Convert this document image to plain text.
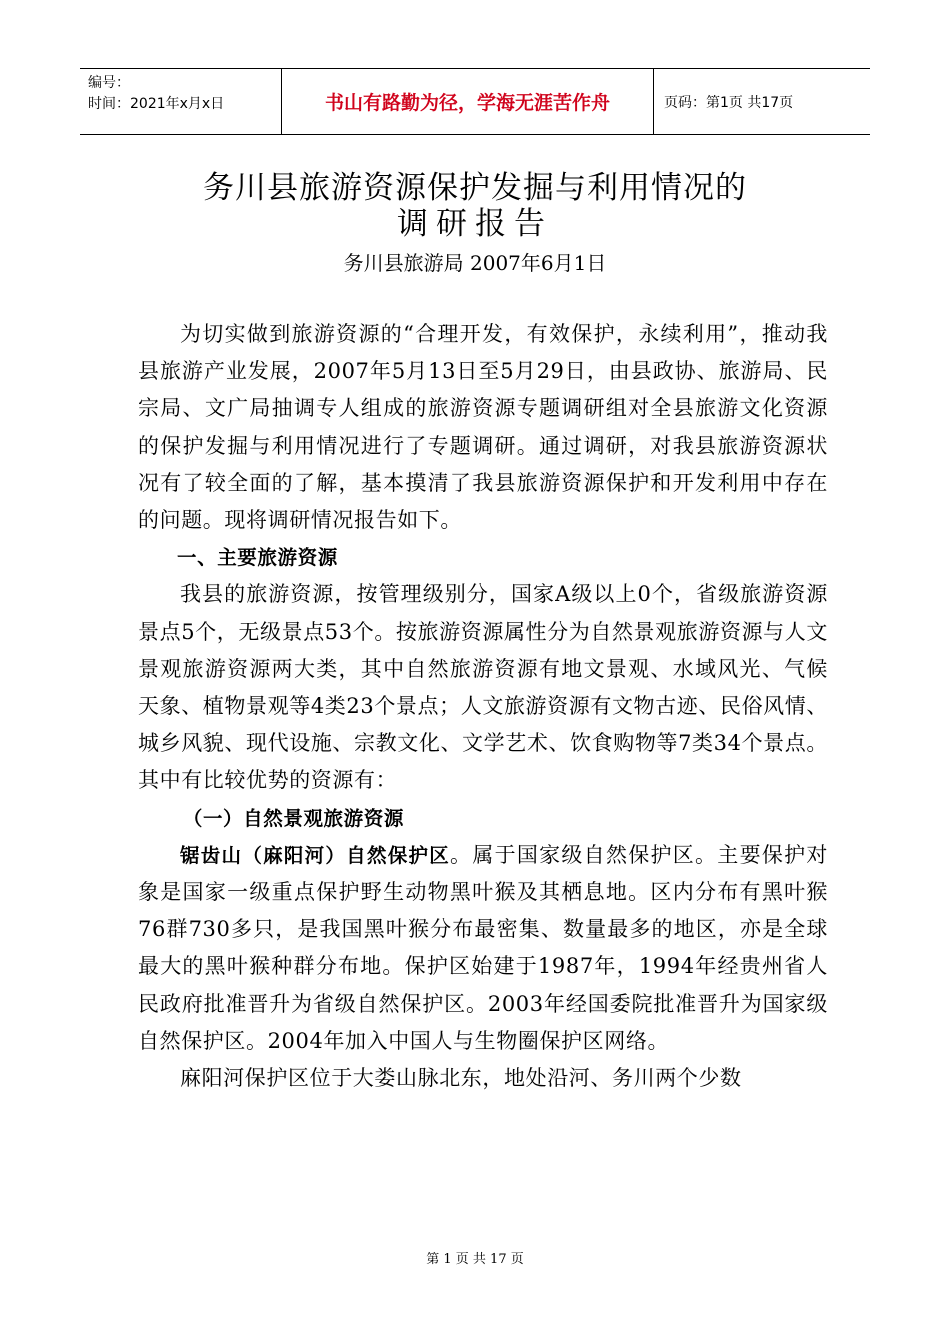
编号：
时间：2021年x月x日	书山有路勤为径，学海无涯苦作舟	页码：第1页 共17页
务川县旅游资源保护发掘与利用情况的
调研报告
务川县旅游局 2007年6月1日

为切实做到旅游资源的“合理开发，有效保护，永续利用”，推动我县旅游产业发展，2007年5月13日至5月29日，由县政协、旅游局、民宗局、文广局抽调专人组成的旅游资源专题调研组对全县旅游文化资源的保护发掘与利用情况进行了专题调研。通过调研，对我县旅游资源状况有了较全面的了解，基本摸清了我县旅游资源保护和开发利用中存在的问题。现将调研情况报告如下。

一、主要旅游资源

我县的旅游资源，按管理级别分，国家A级以上0个，省级旅游资源景点5个，无级景点53个。按旅游资源属性分为自然景观旅游资源与人文景观旅游资源两大类，其中自然旅游资源有地文景观、水域风光、气候天象、植物景观等4类23个景点；人文旅游资源有文物古迹、民俗风情、城乡风貌、现代设施、宗教文化、文学艺术、饮食购物等7类34个景点。其中有比较优势的资源有：

（一）自然景观旅游资源

锯齿山（麻阳河）自然保护区。属于国家级自然保护区。主要保护对象是国家一级重点保护野生动物黑叶猴及其栖息地。区内分布有黑叶猴76群730多只，是我国黑叶猴分布最密集、数量最多的地区，亦是全球最大的黑叶猴种群分布地。保护区始建于1987年，1994年经贵州省人民政府批准晋升为省级自然保护区。2003年经国委院批准晋升为国家级自然保护区。2004年加入中国人与生物圈保护区网络。

麻阳河保护区位于大娄山脉北东，地处沿河、务川两个少数

第 1 页 共 17 页
